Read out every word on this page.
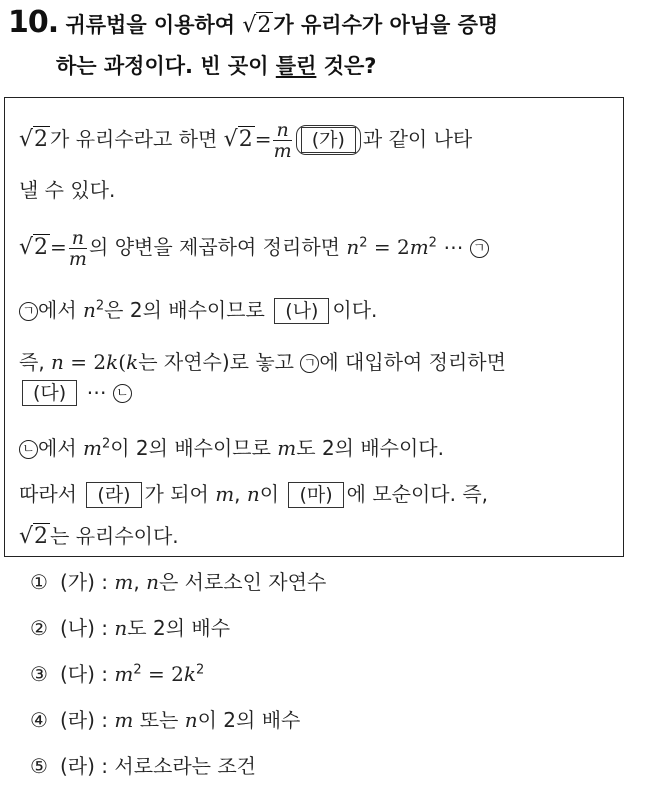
10. 귀류법을 이용하여 √2가 유리수가 아님을 증명
하는 과정이다. 빈 곳이 틀린 것은?
√2 가 유리수라고 하면 $√2 = \frac{n}{m}$ (가) 과 같이 나타
낼 수 있다.
$√2 = \frac{n}{m}$ 의 양변을 제곱하여 정리하면 $n^2 = 2m^2$ ⋯ ㄱ
ㄱ 에서 $n^2$은 2의 배수이므로 (나) 이다.
즉, n = 2k(k는 자연수)로 놓고 ㄱ 에 대입하여 정리하면
(다) ⋯ ㄴ
ㄴ 에서 $m^2$이 2의 배수이므로 m도 2의 배수이다.
따라서 (라) 가 되어 m, n이 (마) 에 모순이다. 즉,
√2 는 유리수이다.
① (가) : m, n은 서로소인 자연수
② (나) : n도 2의 배수
③ (다) : $m^2 = 2k^2$
④ (라) : m 또는 n이 2의 배수
⑤ (라) : 서로소라는 조건
